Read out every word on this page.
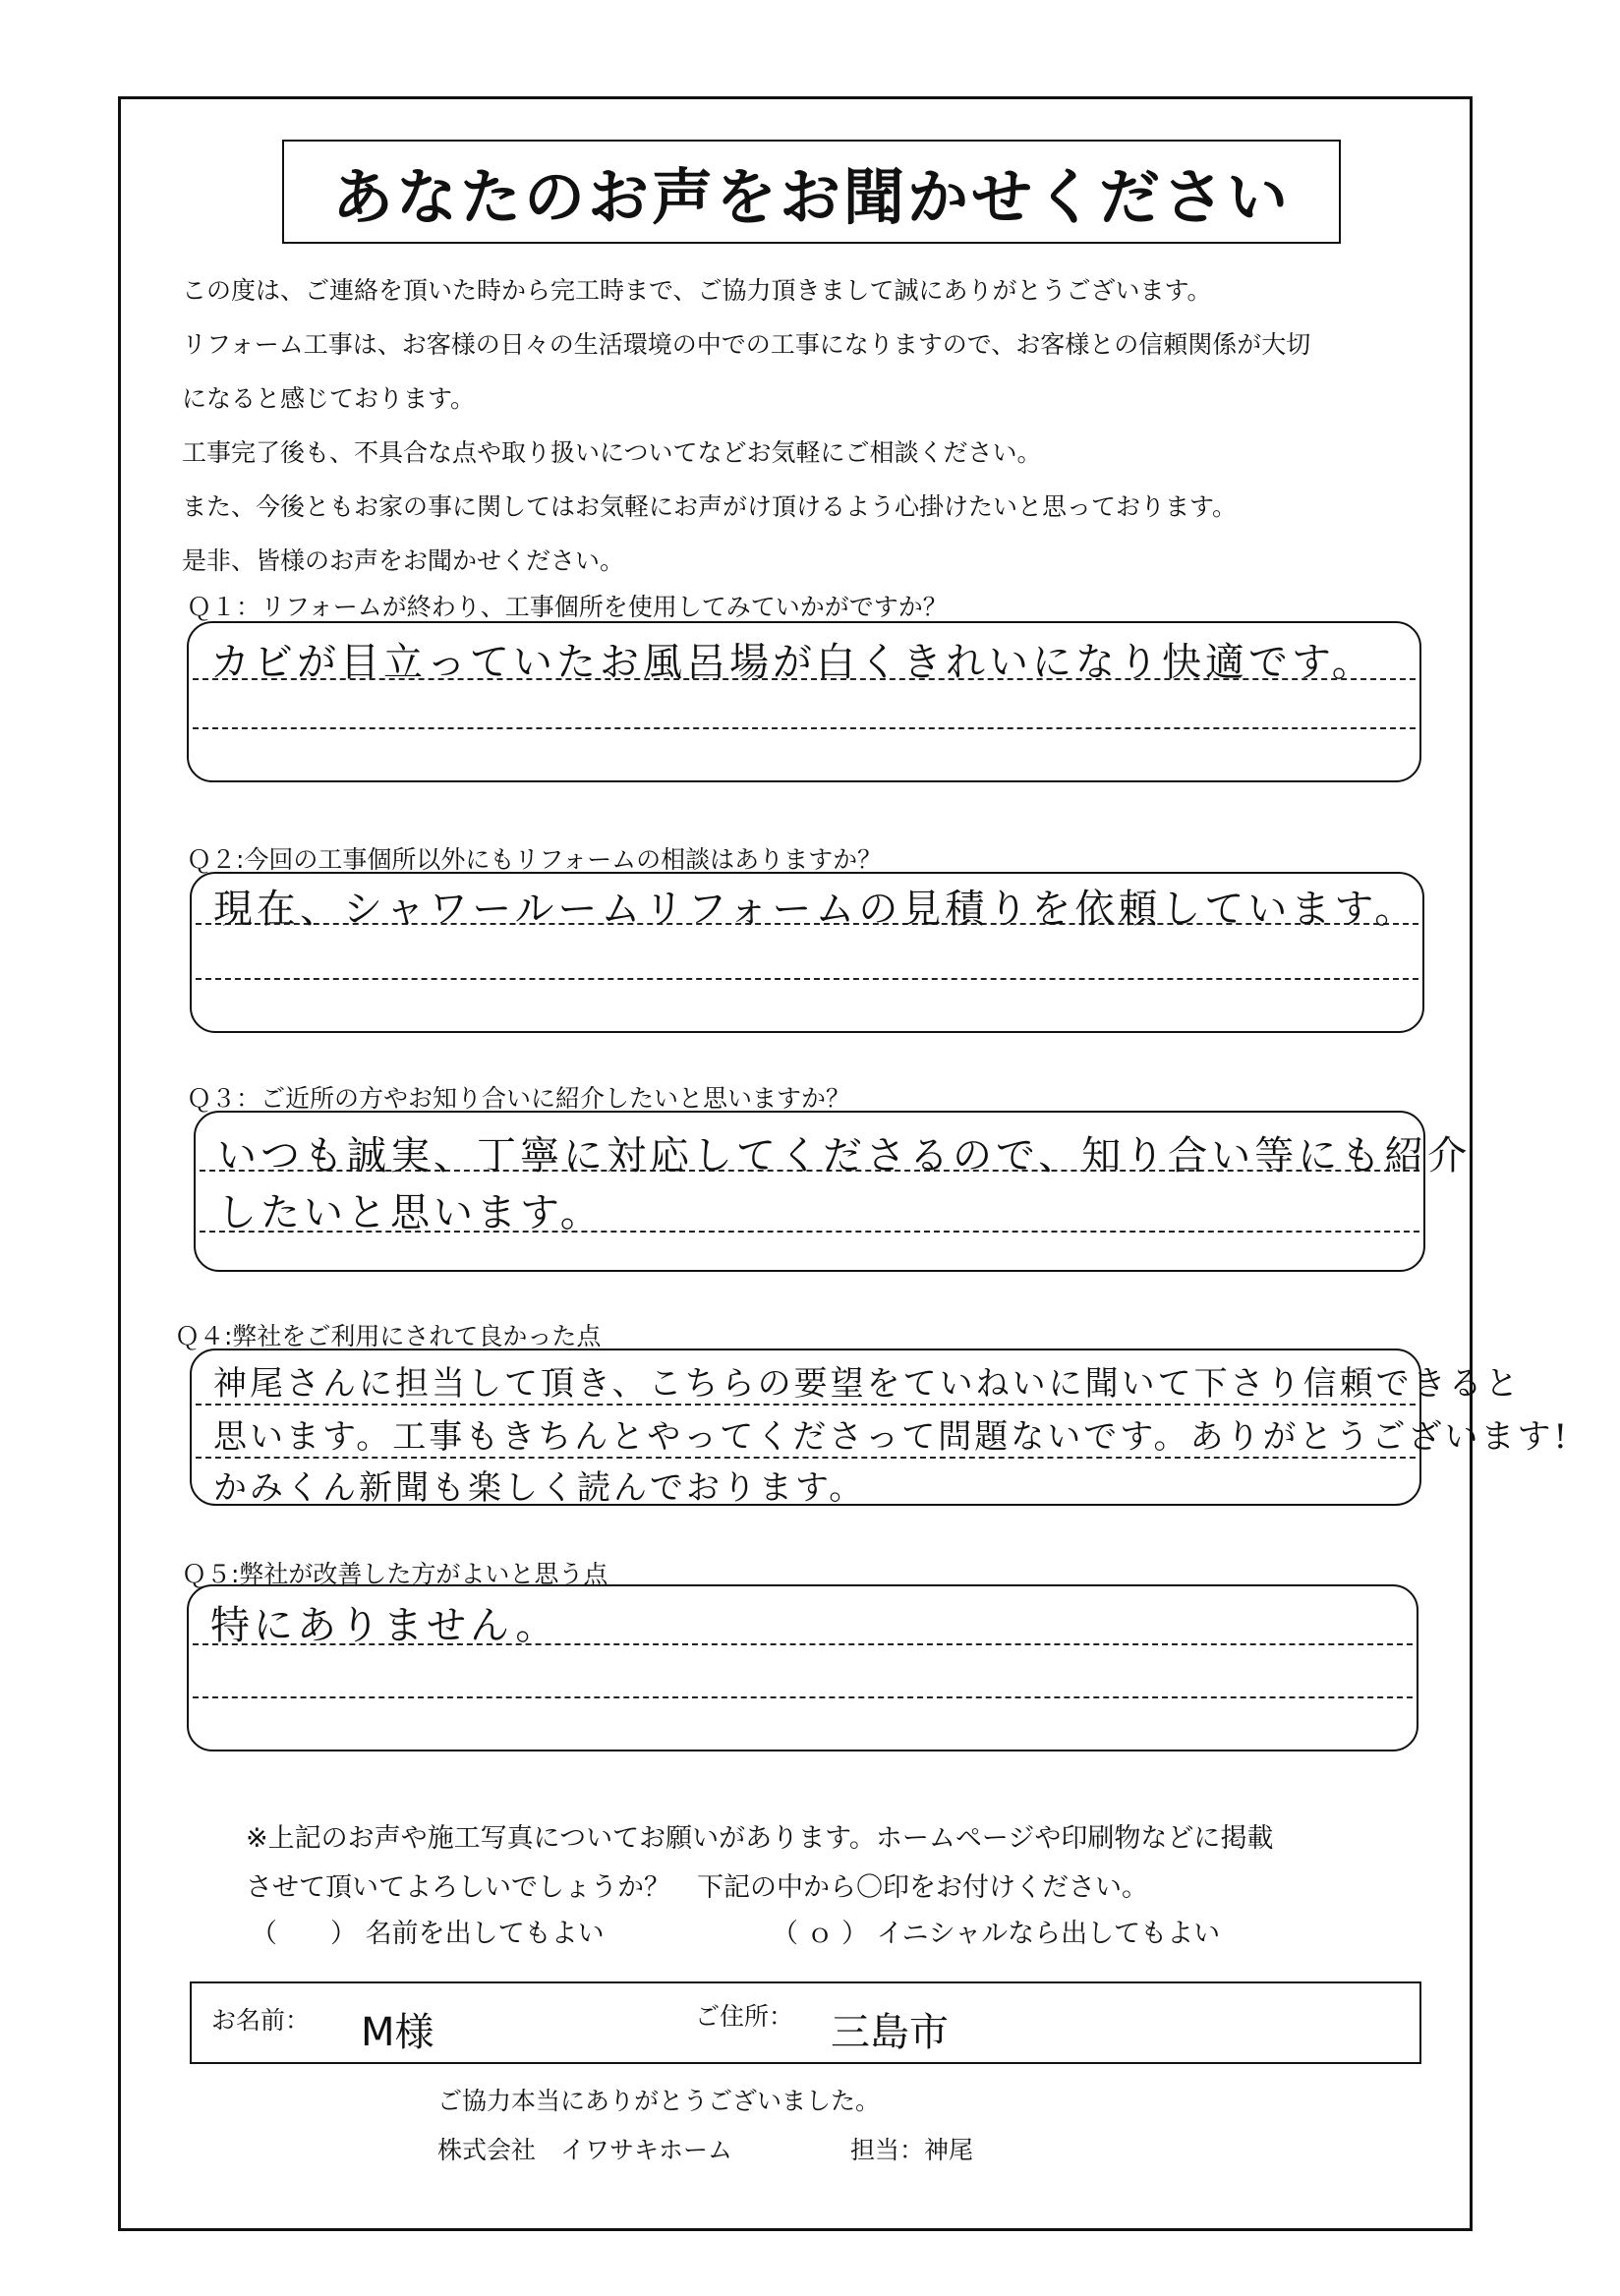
あなたのお声をお聞かせください

この度は、ご連絡を頂いた時から完工時まで、ご協力頂きまして誠にありがとうございます。

リフォーム工事は、お客様の日々の生活環境の中での工事になりますので、お客様との信頼関係が大切

になると感じております。

工事完了後も、不具合な点や取り扱いについてなどお気軽にご相談ください。

また、今後ともお家の事に関してはお気軽にお声がけ頂けるよう心掛けたいと思っております。

是非、皆様のお声をお聞かせください。

Ｑ１：リフォームが終わり、工事個所を使用してみていかがですか？
カビが目立っていたお風呂場が白くきれいになり快適です。
Ｑ２:今回の工事個所以外にもリフォームの相談はありますか？
現在、シャワールームリフォームの見積りを依頼しています。
Ｑ３：ご近所の方やお知り合いに紹介したいと思いますか？
いつも誠実、丁寧に対応してくださるので、知り合い等にも紹介
したいと思います。
Ｑ４:弊社をご利用にされて良かった点
神尾さんに担当して頂き、こちらの要望をていねいに聞いて下さり信頼できると
思います。工事もきちんとやってくださって問題ないです。ありがとうございます!
かみくん新聞も楽しく読んでおります。
Ｑ５:弊社が改善した方がよいと思う点
特にありません。
※上記のお声や施工写真についてお願いがあります。ホームページや印刷物などに掲載
させて頂いてよろしいでしょうか？　下記の中から〇印をお付けください。
（　　） 名前を出してもよい	（ ｏ ） イニシャルなら出してもよい
お名前： M様	ご住所： 三島市
ご協力本当にありがとうございました。
株式会社　イワサキホーム	担当：神尾
